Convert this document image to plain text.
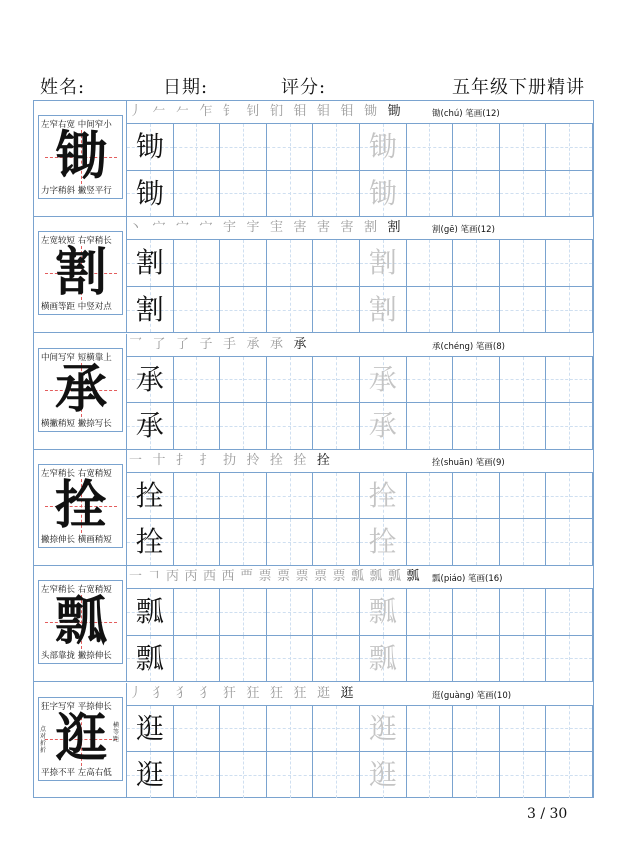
姓名:	日期:	评分:	五年级下册精讲
左窄右宽 中间窄小
锄
力字稍斜 撇竖平行
丿 𠂉 𠂉 乍 钅 钊 钔 钼 钼 钼 锄 锄	锄(chú) 笔画(12)
锄	锄
锄	锄
左宽较短 右窄稍长
割
横画等距 中竖对点
丶 宀 宀 宀 宇 宇 宔 害 害 害 割 割	割(gē) 笔画(12)
割	割
割	割
中间写窄 短横靠上
承
横撇稍短 撇捺写长
乛 了 了 子 手 承 承 承	承(chéng) 笔画(8)
承	承
承	承
左窄稍长 右宽稍短
拴
撇捺伸长 横画稍短
一 十 扌 扌 扐 拎 拴 拴 拴	拴(shuān) 笔画(9)
拴	拴
拴	拴
左窄稍长 右宽稍短
瓢
头部靠拢 撇捺伸长
一 𠃍 丙 丙 西 西 覀 票 票 票 票 票 瓢 瓢 瓢 瓢 瓢(piáo) 笔画(16)
瓢	瓢
瓢	瓢
狂字写窄 平捺伸长
逛
点对折折
横等距
平捺不平 左高右低
丿 犭 犭 犭 犴 狂 狂 狂 逛 逛	逛(guàng) 笔画(10)
逛	逛
逛	逛
3 / 30
